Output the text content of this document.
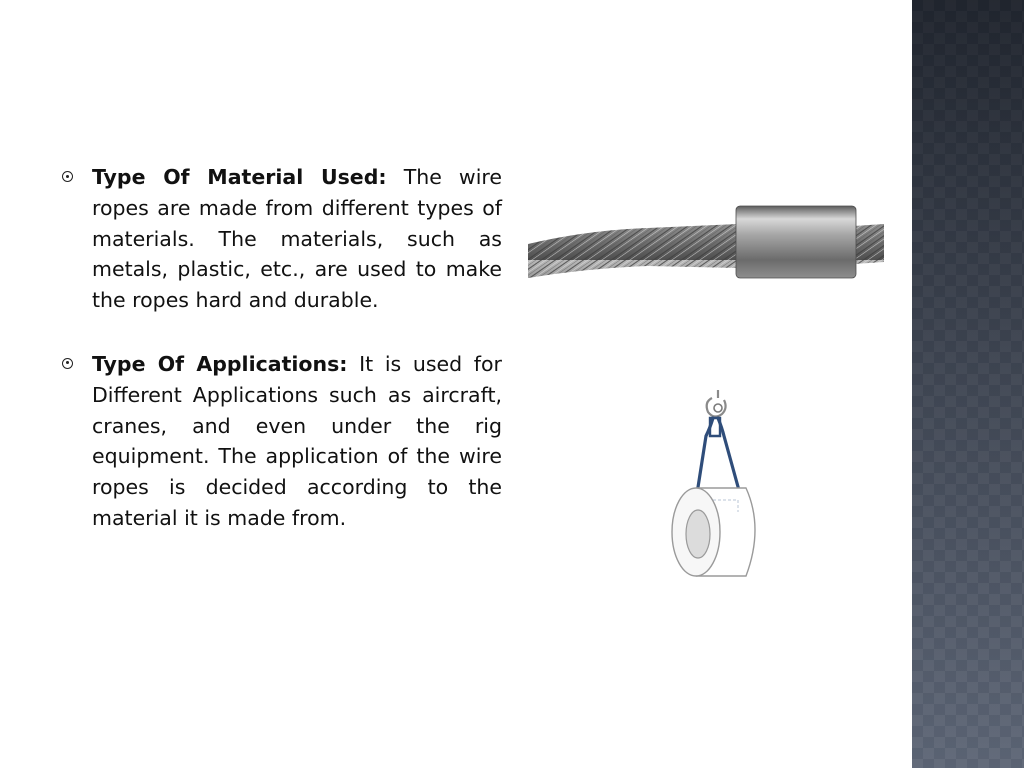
Type Of Material Used: The wire ropes are made from different types of materials. The materials, such as metals, plastic, etc., are used to make the ropes hard and durable.
Type Of Applications: It is used for Different Applications such as aircraft, cranes, and even under the rig equipment. The application of the wire ropes is decided according to the material it is made from.
